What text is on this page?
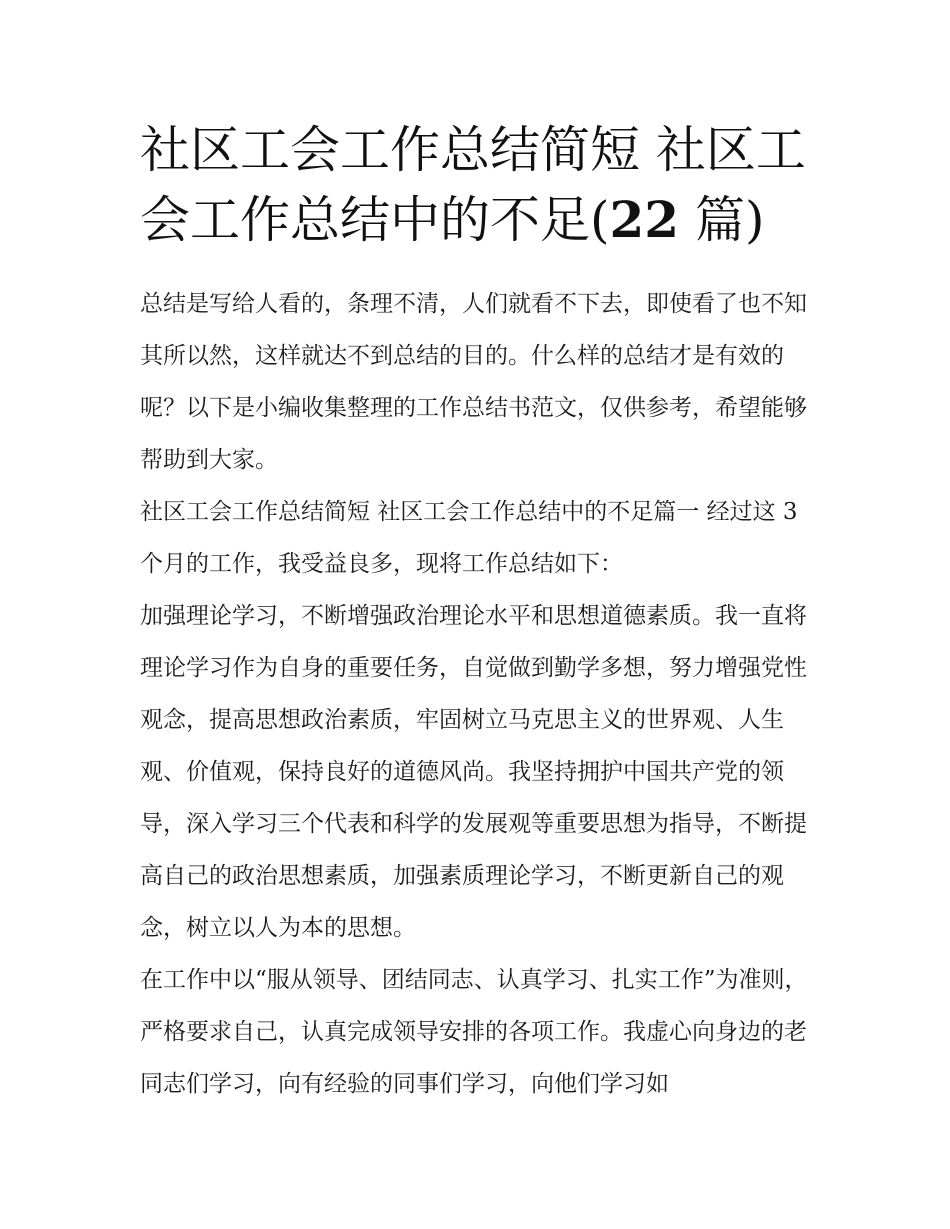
社区工会工作总结简短 社区工会工作总结中的不足(22 篇)

总结是写给人看的，条理不清，人们就看不下去，即使看了也不知其所以然，这样就达不到总结的目的。什么样的总结才是有效的呢？以下是小编收集整理的工作总结书范文，仅供参考，希望能够帮助到大家。

社区工会工作总结简短 社区工会工作总结中的不足篇一 经过这 3 个月的工作，我受益良多，现将工作总结如下：

加强理论学习，不断增强政治理论水平和思想道德素质。我一直将理论学习作为自身的重要任务，自觉做到勤学多想，努力增强党性观念，提高思想政治素质，牢固树立马克思主义的世界观、人生观、价值观，保持良好的道德风尚。我坚持拥护中国共产党的领导，深入学习三个代表和科学的发展观等重要思想为指导，不断提高自己的政治思想素质，加强素质理论学习，不断更新自己的观念，树立以人为本的思想。

在工作中以“服从领导、团结同志、认真学习、扎实工作”为准则，严格要求自己，认真完成领导安排的各项工作。我虚心向身边的老同志们学习，向有经验的同事们学习，向他们学习如
